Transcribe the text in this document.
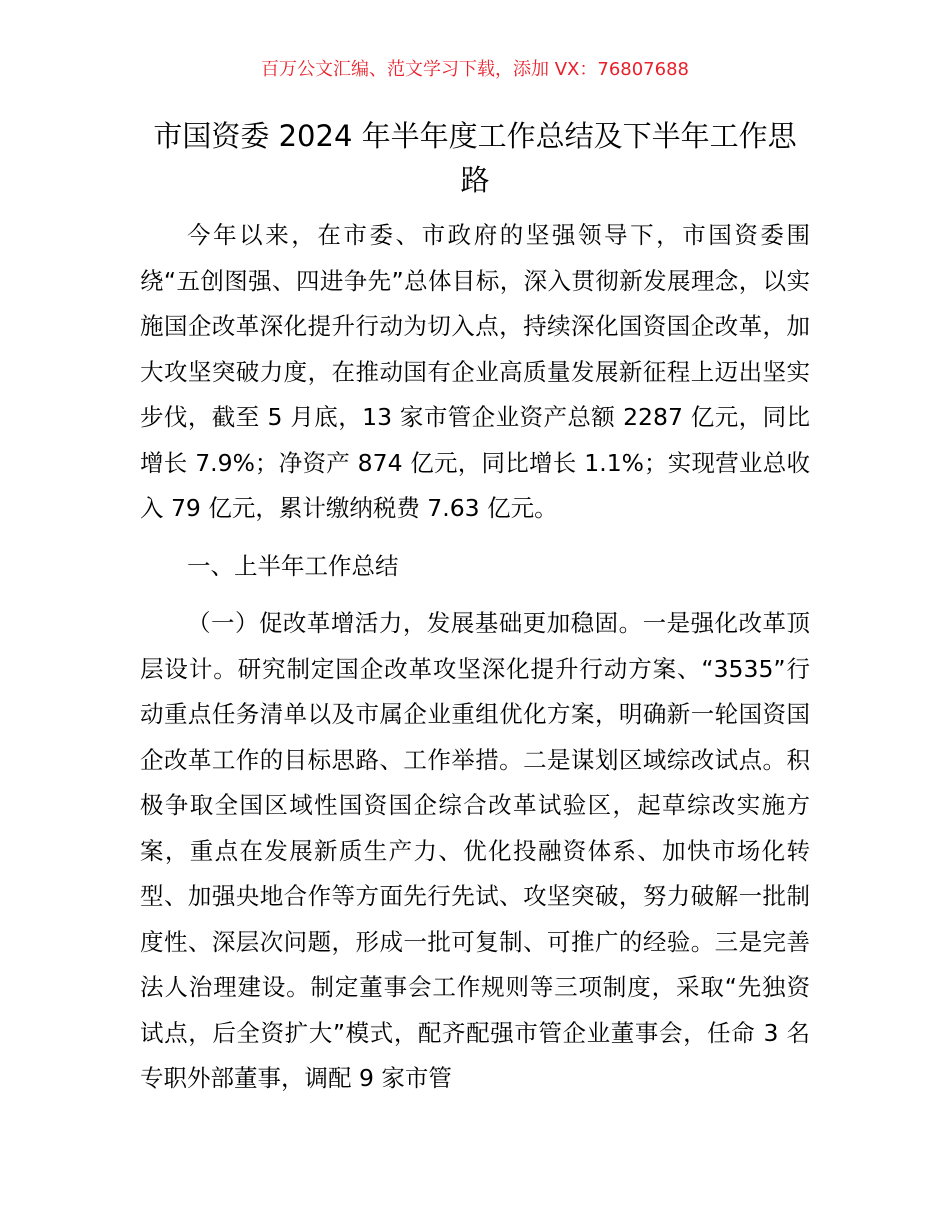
百万公文汇编、范文学习下载，添加 VX：76807688
市国资委 2024 年半年度工作总结及下半年工作思路

今年以来，在市委、市政府的坚强领导下，市国资委围绕“五创图强、四进争先”总体目标，深入贯彻新发展理念，以实施国企改革深化提升行动为切入点，持续深化国资国企改革，加大攻坚突破力度，在推动国有企业高质量发展新征程上迈出坚实步伐，截至 5 月底，13 家市管企业资产总额 2287 亿元，同比增长 7.9%；净资产 874 亿元，同比增长 1.1%；实现营业总收入 79 亿元，累计缴纳税费 7.63 亿元。

一、上半年工作总结

（一）促改革增活力，发展基础更加稳固。一是强化改革顶层设计。研究制定国企改革攻坚深化提升行动方案、“3535”行动重点任务清单以及市属企业重组优化方案，明确新一轮国资国企改革工作的目标思路、工作举措。二是谋划区域综改试点。积极争取全国区域性国资国企综合改革试验区，起草综改实施方案，重点在发展新质生产力、优化投融资体系、加快市场化转型、加强央地合作等方面先行先试、攻坚突破，努力破解一批制度性、深层次问题，形成一批可复制、可推广的经验。三是完善法人治理建设。制定董事会工作规则等三项制度，采取“先独资试点，后全资扩大”模式，配齐配强市管企业董事会，任命 3 名专职外部董事，调配 9 家市管
